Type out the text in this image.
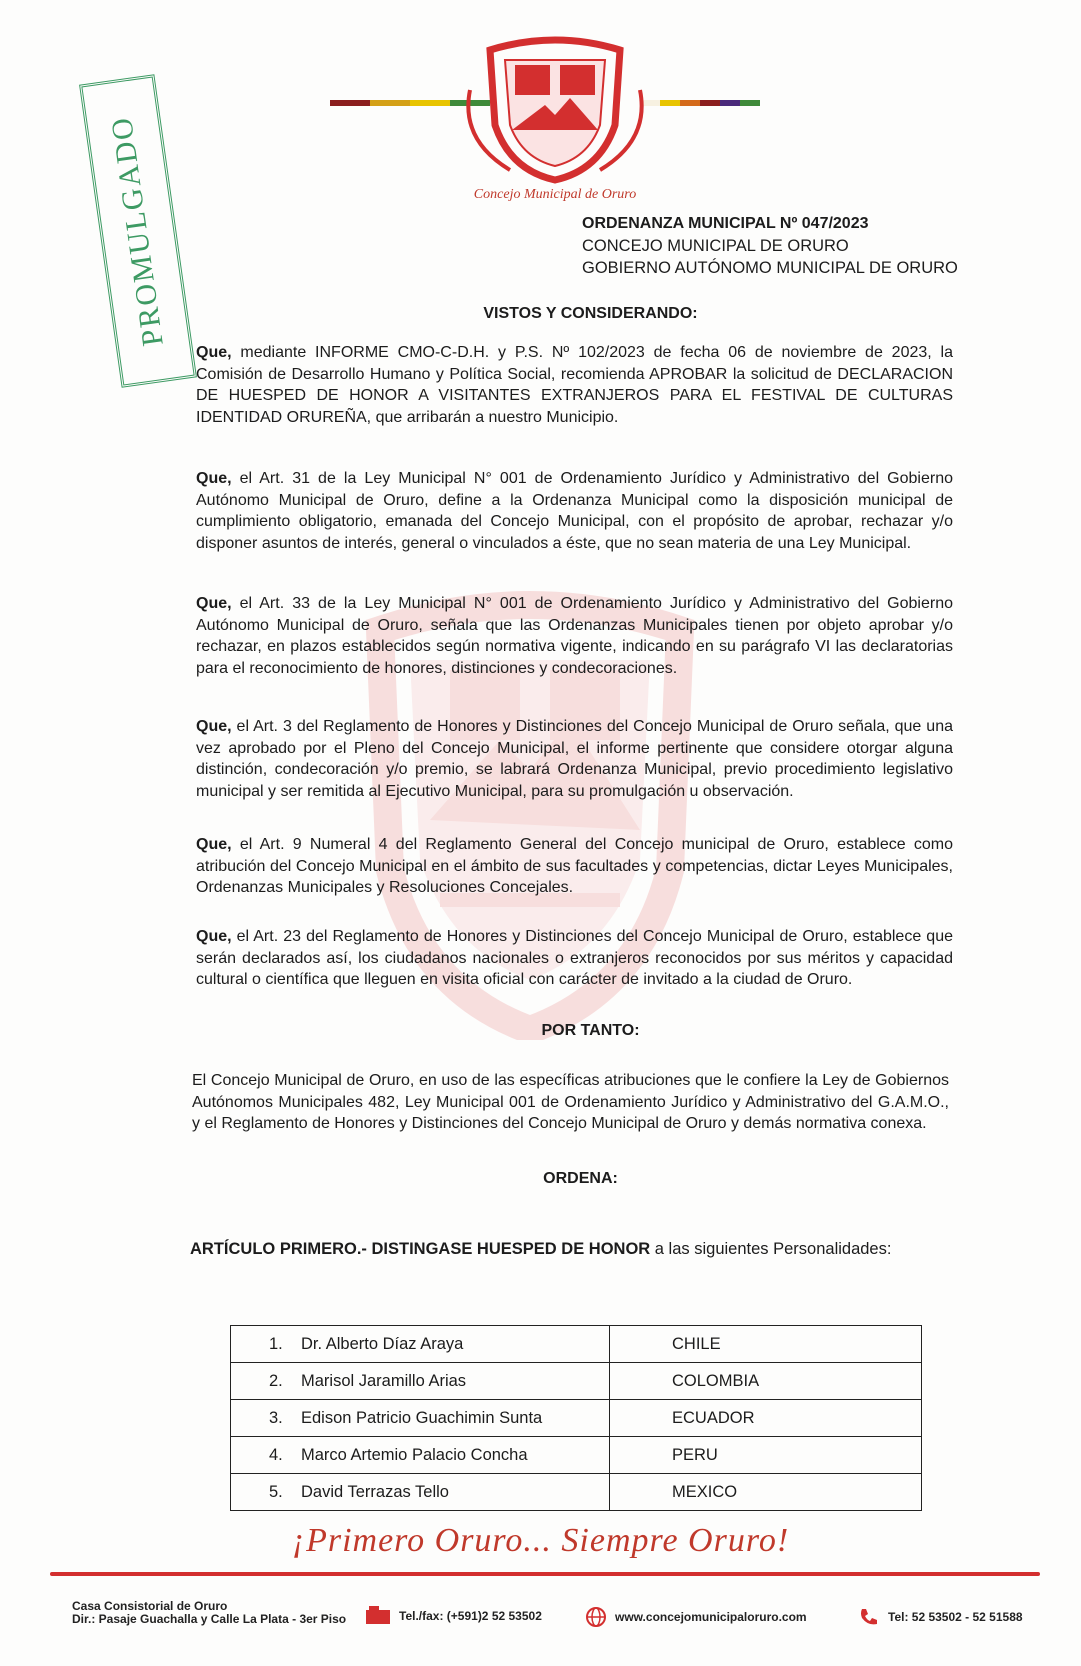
Concejo Municipal de Oruro
PROMULGADO	ORDENANZA MUNICIPAL Nº 047/2023
CONCEJO MUNICIPAL DE ORURO
GOBIERNO AUTÓNOMO MUNICIPAL DE ORURO
VISTOS Y CONSIDERANDO:
Que, mediante INFORME CMO-C-D.H. y P.S. Nº 102/2023 de fecha 06 de noviembre de 2023, la Comisión de Desarrollo Humano y Política Social, recomienda APROBAR la solicitud de DECLARACION DE HUESPED DE HONOR A VISITANTES EXTRANJEROS PARA EL FESTIVAL DE CULTURAS IDENTIDAD ORUREÑA, que arribarán a nuestro Municipio.
Que, el Art. 31 de la Ley Municipal N° 001 de Ordenamiento Jurídico y Administrativo del Gobierno Autónomo Municipal de Oruro, define a la Ordenanza Municipal como la disposición municipal de cumplimiento obligatorio, emanada del Concejo Municipal, con el propósito de aprobar, rechazar y/o disponer asuntos de interés, general o vinculados a éste, que no sean materia de una Ley Municipal.
Que, el Art. 33 de la Ley Municipal N° 001 de Ordenamiento Jurídico y Administrativo del Gobierno Autónomo Municipal de Oruro, señala que las Ordenanzas Municipales tienen por objeto aprobar y/o rechazar, en plazos establecidos según normativa vigente, indicando en su parágrafo VI las declaratorias para el reconocimiento de honores, distinciones y condecoraciones.
Que, el Art. 3 del Reglamento de Honores y Distinciones del Concejo Municipal de Oruro señala, que una vez aprobado por el Pleno del Concejo Municipal, el informe pertinente que considere otorgar alguna distinción, condecoración y/o premio, se labrará Ordenanza Municipal, previo procedimiento legislativo municipal y ser remitida al Ejecutivo Municipal, para su promulgación u observación.
Que, el Art. 9 Numeral 4 del Reglamento General del Concejo municipal de Oruro, establece como atribución del Concejo Municipal en el ámbito de sus facultades y competencias, dictar Leyes Municipales, Ordenanzas Municipales y Resoluciones Concejales.
Que, el Art. 23 del Reglamento de Honores y Distinciones del Concejo Municipal de Oruro, establece que serán declarados así, los ciudadanos nacionales o extranjeros reconocidos por sus méritos y capacidad cultural o científica que lleguen en visita oficial con carácter de invitado a la ciudad de Oruro.
POR TANTO:
El Concejo Municipal de Oruro, en uso de las específicas atribuciones que le confiere la Ley de Gobiernos Autónomos Municipales 482, Ley Municipal 001 de Ordenamiento Jurídico y Administrativo del G.A.M.O., y el Reglamento de Honores y Distinciones del Concejo Municipal de Oruro y demás normativa conexa.
ORDENA:
ARTÍCULO PRIMERO.- DISTINGASE HUESPED DE HONOR a las siguientes Personalidades:
1. Dr. Alberto Díaz Araya	CHILE
2. Marisol Jaramillo Arias	COLOMBIA
3. Edison Patricio Guachimin Sunta	ECUADOR
4. Marco Artemio Palacio Concha	PERU
5. David Terrazas Tello	MEXICO
¡Primero Oruro... Siempre Oruro!
Casa Consistorial de Oruro
Dir.: Pasaje Guachalla y Calle La Plata - 3er Piso	Tel./fax: (+591)2 52 53502	www.concejomunicipaloruro.com	Tel: 52 53502 - 52 51588
